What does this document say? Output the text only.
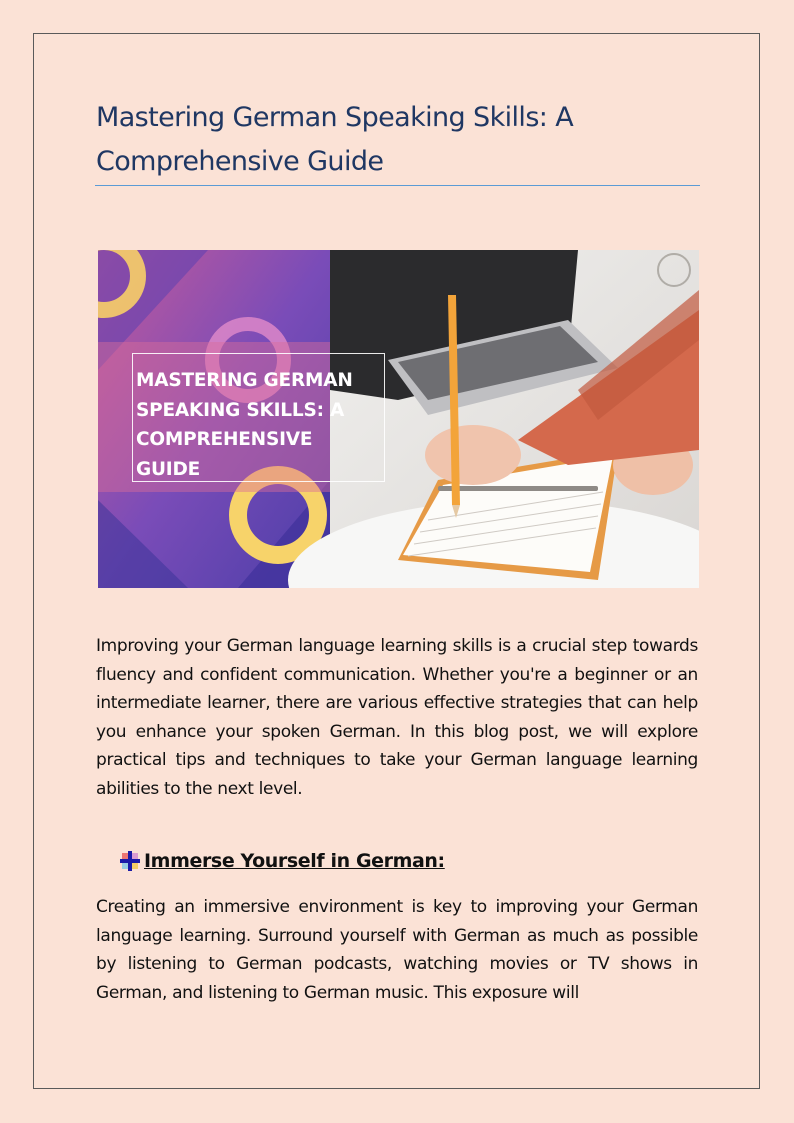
Mastering German Speaking Skills: A Comprehensive Guide
MASTERING GERMAN SPEAKING SKILLS: A COMPREHENSIVE GUIDE

Improving your German language learning skills is a crucial step towards fluency and confident communication. Whether you're a beginner or an intermediate learner, there are various effective strategies that can help you enhance your spoken German. In this blog post, we will explore practical tips and techniques to take your German language learning abilities to the next level.

Immerse Yourself in German:

Creating an immersive environment is key to improving your German language learning. Surround yourself with German as much as possible by listening to German podcasts, watching movies or TV shows in German, and listening to German music. This exposure will
